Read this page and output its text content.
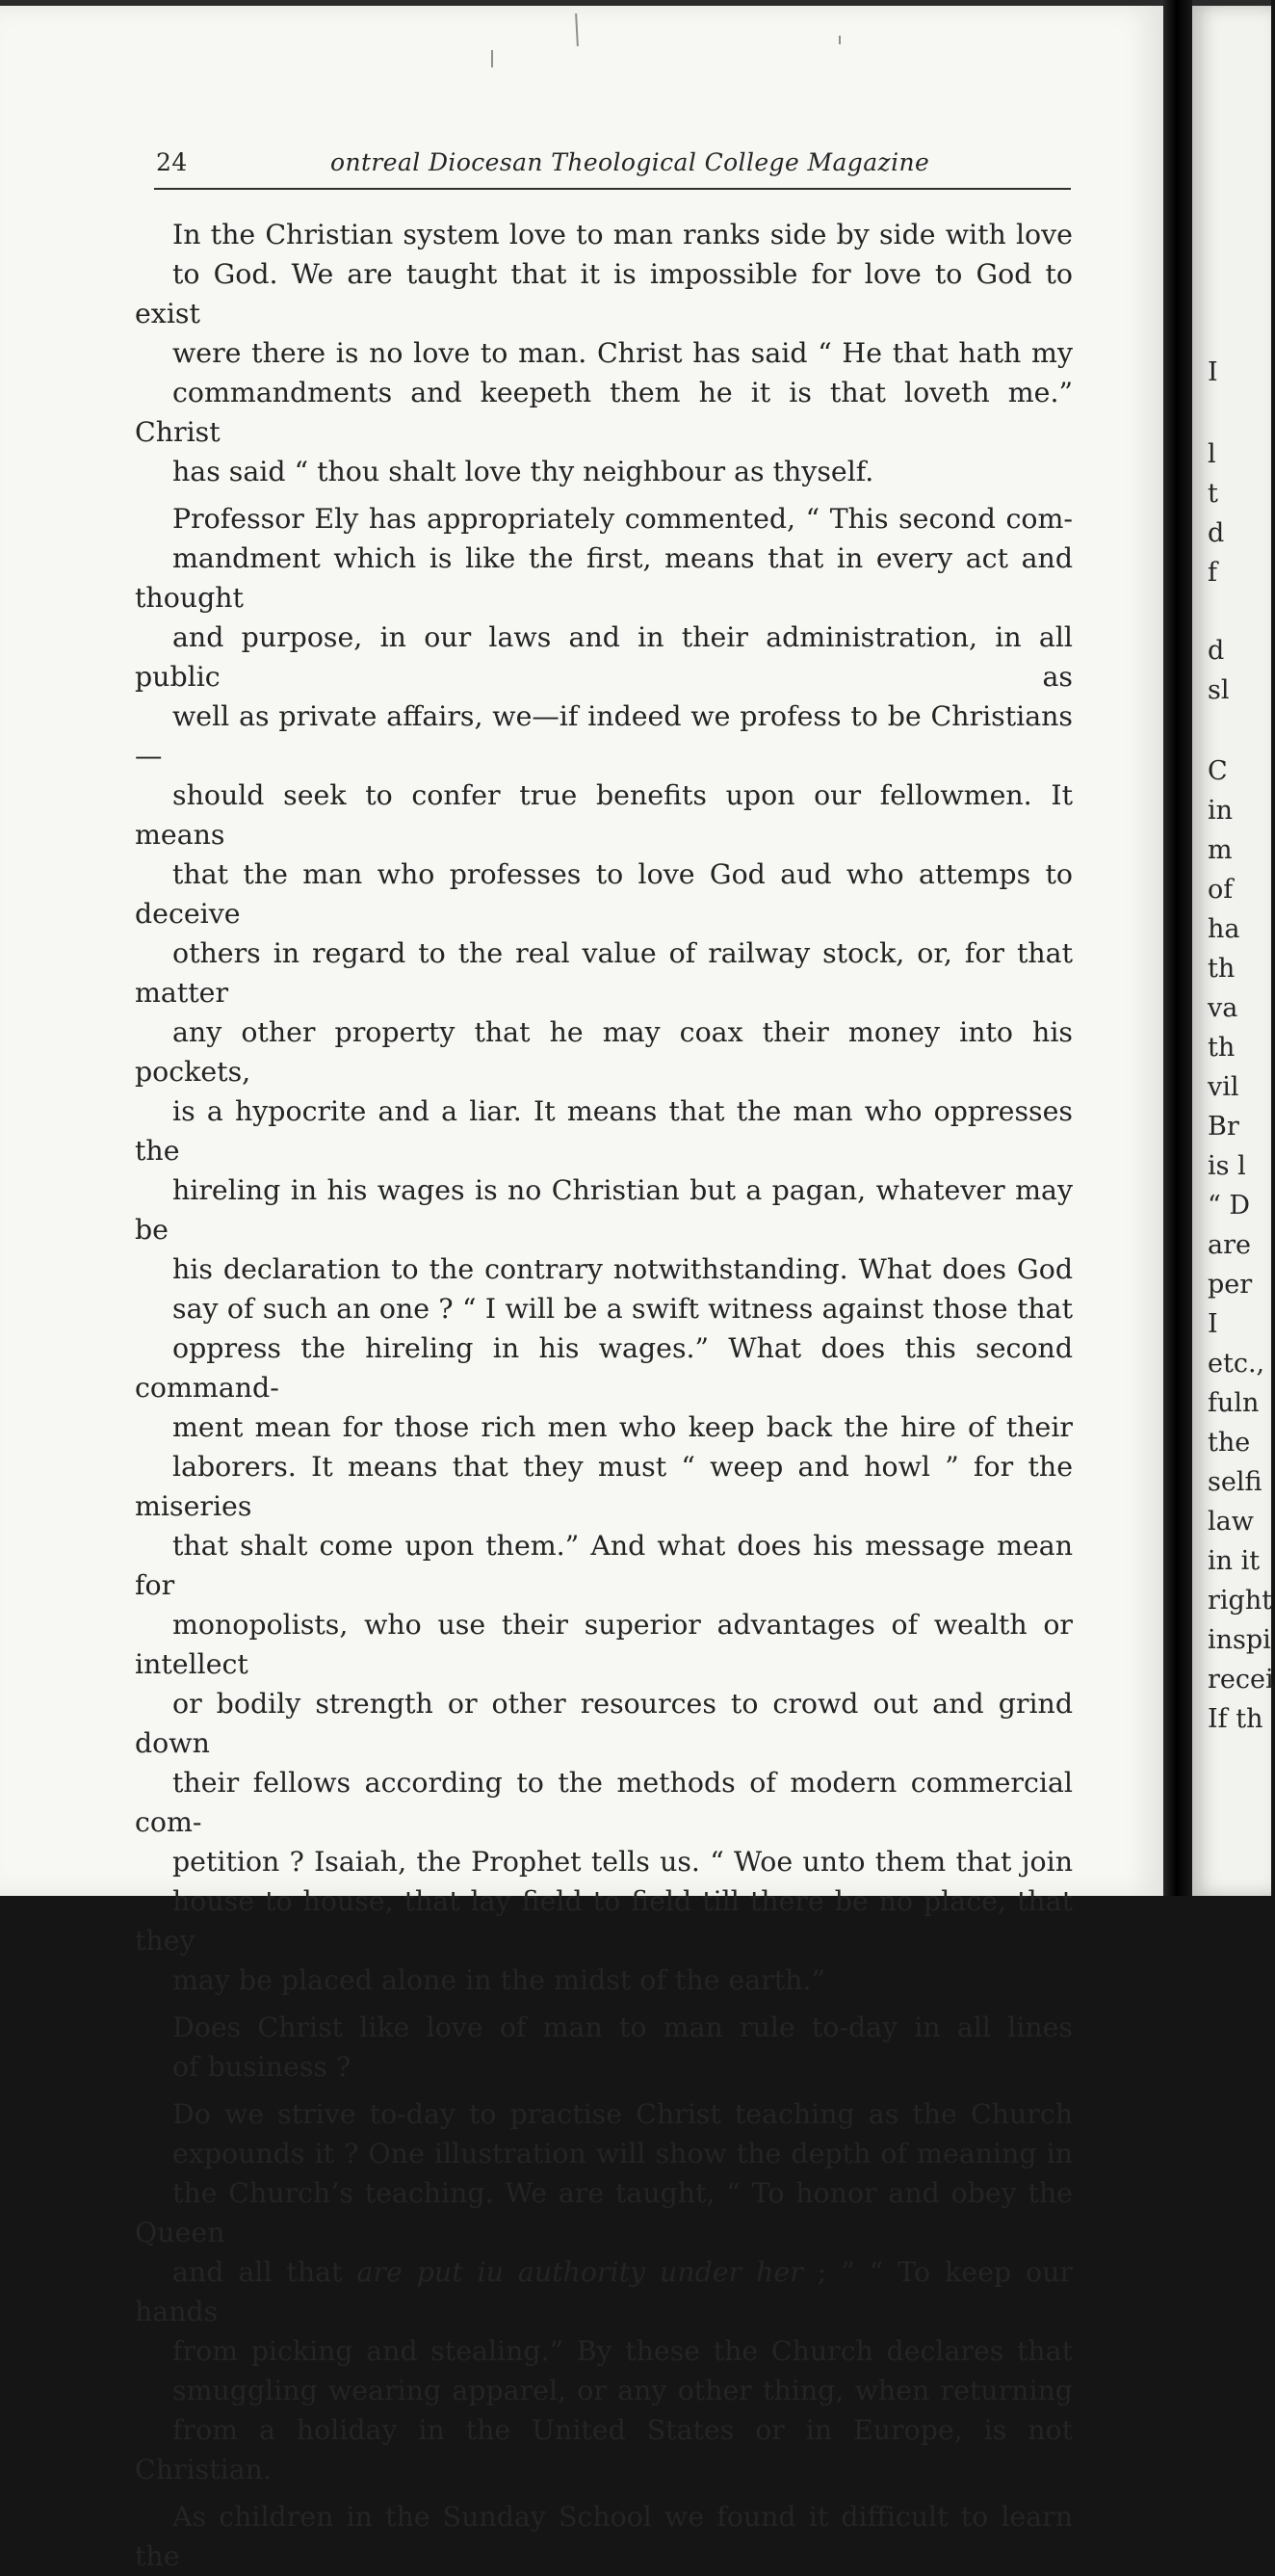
24	ontreal Diocesan Theological College Magazine

In the Christian system love to man ranks side by side with love
to God. We are taught that it is impossible for love to God to exist
were there is no love to man. Christ has said “ He that hath my
commandments and keepeth them he it is that loveth me.” Christ
has said “ thou shalt love thy neighbour as thyself.

Professor Ely has appropriately commented, “ This second com-
mandment which is like the first, means that in every act and thought
and purpose, in our laws and in their administration, in all public as
well as private affairs, we—if indeed we profess to be Christians—
should seek to confer true benefits upon our fellowmen. It means
that the man who professes to love God aud who attemps to deceive
others in regard to the real value of railway stock, or, for that matter
any other property that he may coax their money into his pockets,
is a hypocrite and a liar. It means that the man who oppresses the
hireling in his wages is no Christian but a pagan, whatever may be
his declaration to the contrary notwithstanding. What does God
say of such an one ? “ I will be a swift witness against those that
oppress the hireling in his wages.” What does this second command-
ment mean for those rich men who keep back the hire of their
laborers. It means that they must “ weep and howl ” for the miseries
that shalt come upon them.” And what does his message mean for
monopolists, who use their superior advantages of wealth or intellect
or bodily strength or other resources to crowd out and grind down
their fellows according to the methods of modern commercial com-
petition ? Isaiah, the Prophet tells us. “ Woe unto them that join
house to house, that lay field to field till there be no place, that they
may be placed alone in the midst of the earth.”

Does Christ like love of man to man rule to-day in all lines
of business ?

Do we strive to-day to practise Christ teaching as the Church
expounds it ? One illustration will show the depth of meaning in
the Church’s teaching. We are taught, “ To honor and obey the Queen
and all that are put iu authority under her ; ” “ To keep our hands
from picking and stealing.” By these the Church declares that
smuggling wearing apparel, or any other thing, when returning
from a holiday in the United States or in Europe, is not Christian.

As children in the Sunday School we found it difficult to learn the

I
l
t
d
f
d
sl
C
in
m
of
ha
th
va
th
vil
Br
is l
“ D
are
per
I
etc.,
fuln
the
selfi
law
in it
right
inspi
recei
If th
